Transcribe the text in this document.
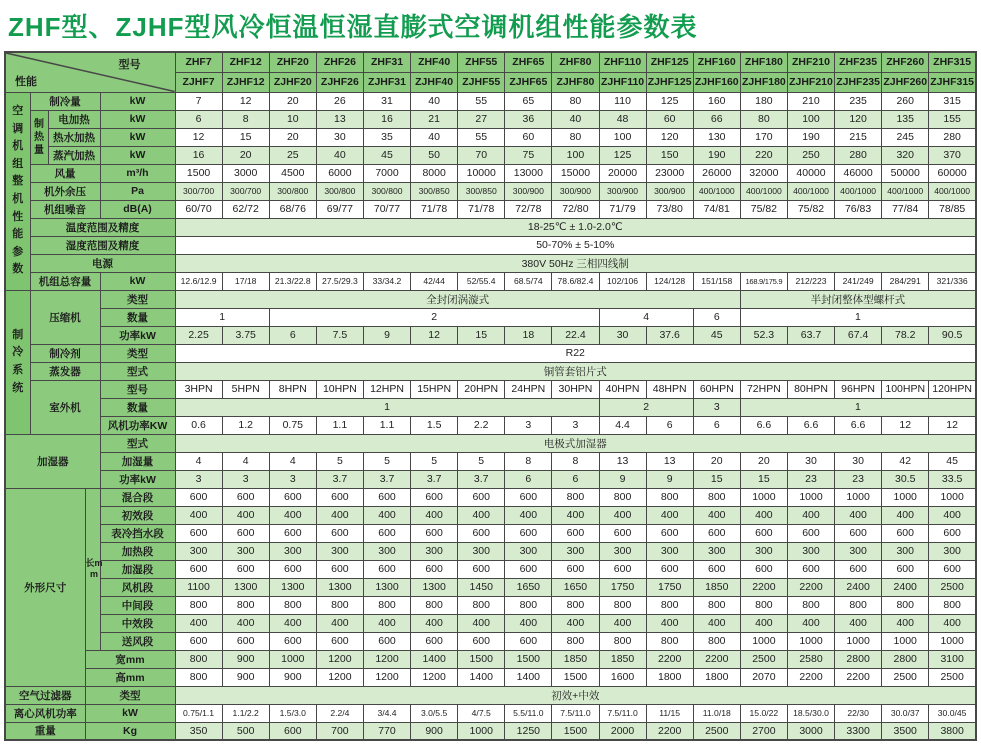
ZHF型、ZJHF型风冷恒温恒湿直膨式空调机组性能参数表
型号
性能					ZHF7	ZHF12	ZHF20	ZHF26	ZHF31	ZHF40	ZHF55	ZHF65	ZHF80	ZHF110	ZHF125	ZHF160	ZHF180	ZHF210	ZHF235	ZHF260	ZHF315
					ZJHF7	ZJHF12	ZJHF20	ZJHF26	ZJHF31	ZJHF40	ZJHF55	ZJHF65	ZJHF80	ZJHF110	ZJHF125	ZJHF160	ZJHF180	ZJHF210	ZJHF235	ZJHF260	ZJHF315
空调机组整机性能参数	制冷量			kW	7	12	20	26	31	40	55	65	80	110	125	160	180	210	235	260	315
	制热量	电加热		kW	6	8	10	13	16	21	27	36	40	48	60	66	80	100	120	135	155
		热水加热		kW	12	15	20	30	35	40	55	60	80	100	120	130	170	190	215	245	280
		蒸汽加热		kW	16	20	25	40	45	50	70	75	100	125	150	190	220	250	280	320	370
	风量			m³/h	1500	3000	4500	6000	7000	8000	10000	13000	15000	20000	23000	26000	32000	40000	46000	50000	60000
	机外余压			Pa	300/700	300/700	300/800	300/800	300/800	300/850	300/850	300/900	300/900	300/900	300/900	400/1000	400/1000	400/1000	400/1000	400/1000	400/1000
	机组噪音			dB(A)	60/70	62/72	68/76	69/77	70/77	71/78	71/78	72/78	72/80	71/79	73/80	74/81	75/82	75/82	76/83	77/84	78/85
	温度范围及精度				18-25℃ ± 1.0-2.0℃																
	湿度范围及精度				50-70% ± 5-10%																
	电源				380V 50Hz 三相四线制																
	机组总容量			kW	12.6/12.9	17/18	21.3/22.8	27.5/29.3	33/34.2	42/44	52/55.4	68.5/74	78.6/82.4	102/106	124/128	151/158	168.9/175.9	212/223	241/249	284/291	321/336
制冷系统	压缩机			类型	全封闭涡漩式												半封闭整体型螺杆式				
				数量	1		2							4		6	1				
				功率kW	2.25	3.75	6	7.5	9	12	15	18	22.4	30	37.6	45	52.3	63.7	67.4	78.2	90.5
	制冷剂			类型	R22																
	蒸发器			型式	铜管套铝片式																
	室外机			型号	3HPN	5HPN	8HPN	10HPN	12HPN	15HPN	20HPN	24HPN	30HPN	40HPN	48HPN	60HPN	72HPN	80HPN	96HPN	100HPN	120HPN
				数量	1									2		3	1				
				风机功率KW	0.6	1.2	0.75	1.1	1.1	1.5	2.2	3	3	4.4	6	6	6.6	6.6	6.6	12	12
加湿器				型式	电极式加湿器																
				加湿量	4	4	4	5	5	5	5	8	8	13	13	20	20	30	30	42	45
				功率kW	3	3	3	3.7	3.7	3.7	3.7	6	6	9	9	15	15	23	23	30.5	33.5
外形尺寸			长mm	混合段	600	600	600	600	600	600	600	600	800	800	800	800	1000	1000	1000	1000	1000
				初效段	400	400	400	400	400	400	400	400	400	400	400	400	400	400	400	400	400
				表冷挡水段	600	600	600	600	600	600	600	600	600	600	600	600	600	600	600	600	600
				加热段	300	300	300	300	300	300	300	300	300	300	300	300	300	300	300	300	300
				加湿段	600	600	600	600	600	600	600	600	600	600	600	600	600	600	600	600	600
				风机段	1100	1300	1300	1300	1300	1300	1450	1650	1650	1750	1750	1850	2200	2200	2400	2400	2500
				中间段	800	800	800	800	800	800	800	800	800	800	800	800	800	800	800	800	800
				中效段	400	400	400	400	400	400	400	400	400	400	400	400	400	400	400	400	400
				送风段	600	600	600	600	600	600	600	600	800	800	800	800	1000	1000	1000	1000	1000
			宽mm		800	900	1000	1200	1200	1400	1500	1500	1850	1850	2200	2200	2500	2580	2800	2800	3100
			高mm		800	900	900	1200	1200	1200	1400	1400	1500	1600	1800	1800	2070	2200	2200	2500	2500
空气过滤器			类型		初效+中效																
离心风机功率			kW		0.75/1.1	1.1/2.2	1.5/3.0	2.2/4	3/4.4	3.0/5.5	4/7.5	5.5/11.0	7.5/11.0	7.5/11.0	11/15	11.0/18	15.0/22	18.5/30.0	22/30	30.0/37	30.0/45
重量			Kg		350	500	600	700	770	900	1000	1250	1500	2000	2200	2500	2700	3000	3300	3500	3800
